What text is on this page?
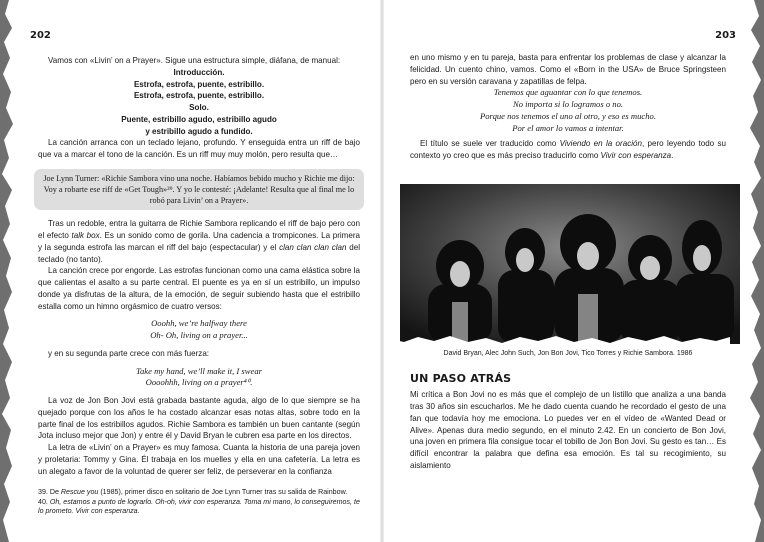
202

Vamos con «Livin’ on a Prayer». Sigue una estructura simple, diáfana, de manual:

Introducción.
Estrofa, estrofa, puente, estribillo.
Estrofa, estrofa, puente, estribillo.
Solo.
Puente, estribillo agudo, estribillo agudo
y estribillo agudo a fundido.

La canción arranca con un teclado lejano, profundo. Y enseguida entra un riff de bajo que va a marcar el tono de la canción. Es un riff muy muy molón, pero resulta que…

Joe Lynn Turner: «Richie Sambora vino una noche. Habíamos bebido mucho y Richie me dijo: Voy a robarte ese riff de «Get Tough»³⁹. Y yo le contesté: ¡Adelante! Resulta que al final me lo robó para Livin’ on a Prayer».

Tras un redoble, entra la guitarra de Richie Sambora replicando el riff de bajo pero con el efecto talk box. Es un sonido como de gorila. Una cadencia a trompicones. La primera y la segunda estrofa las marcan el riff del bajo (espectacular) y el clan clan clan clan del teclado (no tanto).

La canción crece por engorde. Las estrofas funcionan como una cama elástica sobre la que calientas el asalto a su parte central. El puente es ya en sí un estribillo, un impulso donde ya disfrutas de la altura, de la emoción, de seguir subiendo hasta que el estribillo estalla como un himno orgásmico de cuatro versos:

Ooohh, we’re halfway there
Oh- Oh, living on a prayer...

y en su segunda parte crece con más fuerza:

Take my hand, we’ll make it, I swear
Oooohhh, living on a prayer⁴⁰.

La voz de Jon Bon Jovi está grabada bastante aguda, algo de lo que siempre se ha quejado porque con los años le ha costado alcanzar esas notas altas, sobre todo en la parte final de los estribillos agudos. Richie Sambora es también un buen cantante (según Jota incluso mejor que Jon) y entre él y David Bryan le cubren esa parte en los directos.

La letra de «Livin’ on a Prayer» es muy famosa. Cuanta la historia de una pareja joven y proletaria: Tommy y Gina. Él trabaja en los muelles y ella en una cafetería. La letra es un alegato a favor de la voluntad de querer ser feliz, de perseverar en la confianza

39. De Rescue you (1985), primer disco en solitario de Joe Lynn Turner tras su salida de Rainbow.
40. Oh, estamos a punto de lograrlo. Oh-oh, vivir con esperanza. Toma mi mano, lo conseguiremos, te lo prometo. Vivir con esperanza.
203

en uno mismo y en tu pareja, basta para enfrentar los problemas de clase y alcanzar la felicidad. Un cuento chino, vamos. Como el «Born in the USA» de Bruce Springsteen pero en su versión caravana y zapatillas de felpa.

Tenemos que aguantar con lo que tenemos.
No importa si lo logramos o no.
Porque nos tenemos el uno al otro, y eso es mucho.
Por el amor lo vamos a intentar.

El título se suele ver traducido como Viviendo en la oración, pero leyendo todo su contexto yo creo que es más preciso traducirlo como Vivir con esperanza.

David Bryan, Alec John Such, Jon Bon Jovi, Tico Torres y Richie Sambora. 1986
UN PASO ATRÁS

Mi crítica a Bon Jovi no es más que el complejo de un listillo que analiza a una banda tras 30 años sin escucharlos. Me he dado cuenta cuando he recordado el gesto de una fan que todavía hoy me emociona. Lo puedes ver en el vídeo de «Wanted Dead or Alive». Apenas dura medio segundo, en el minuto 2.42. En un concierto de Bon Jovi, una joven en primera fila consigue tocar el tobillo de Jon Bon Jovi. Su gesto es tan… Es difícil encontrar la palabra que defina esa emoción. Es tal su recogimiento, su aislamiento
